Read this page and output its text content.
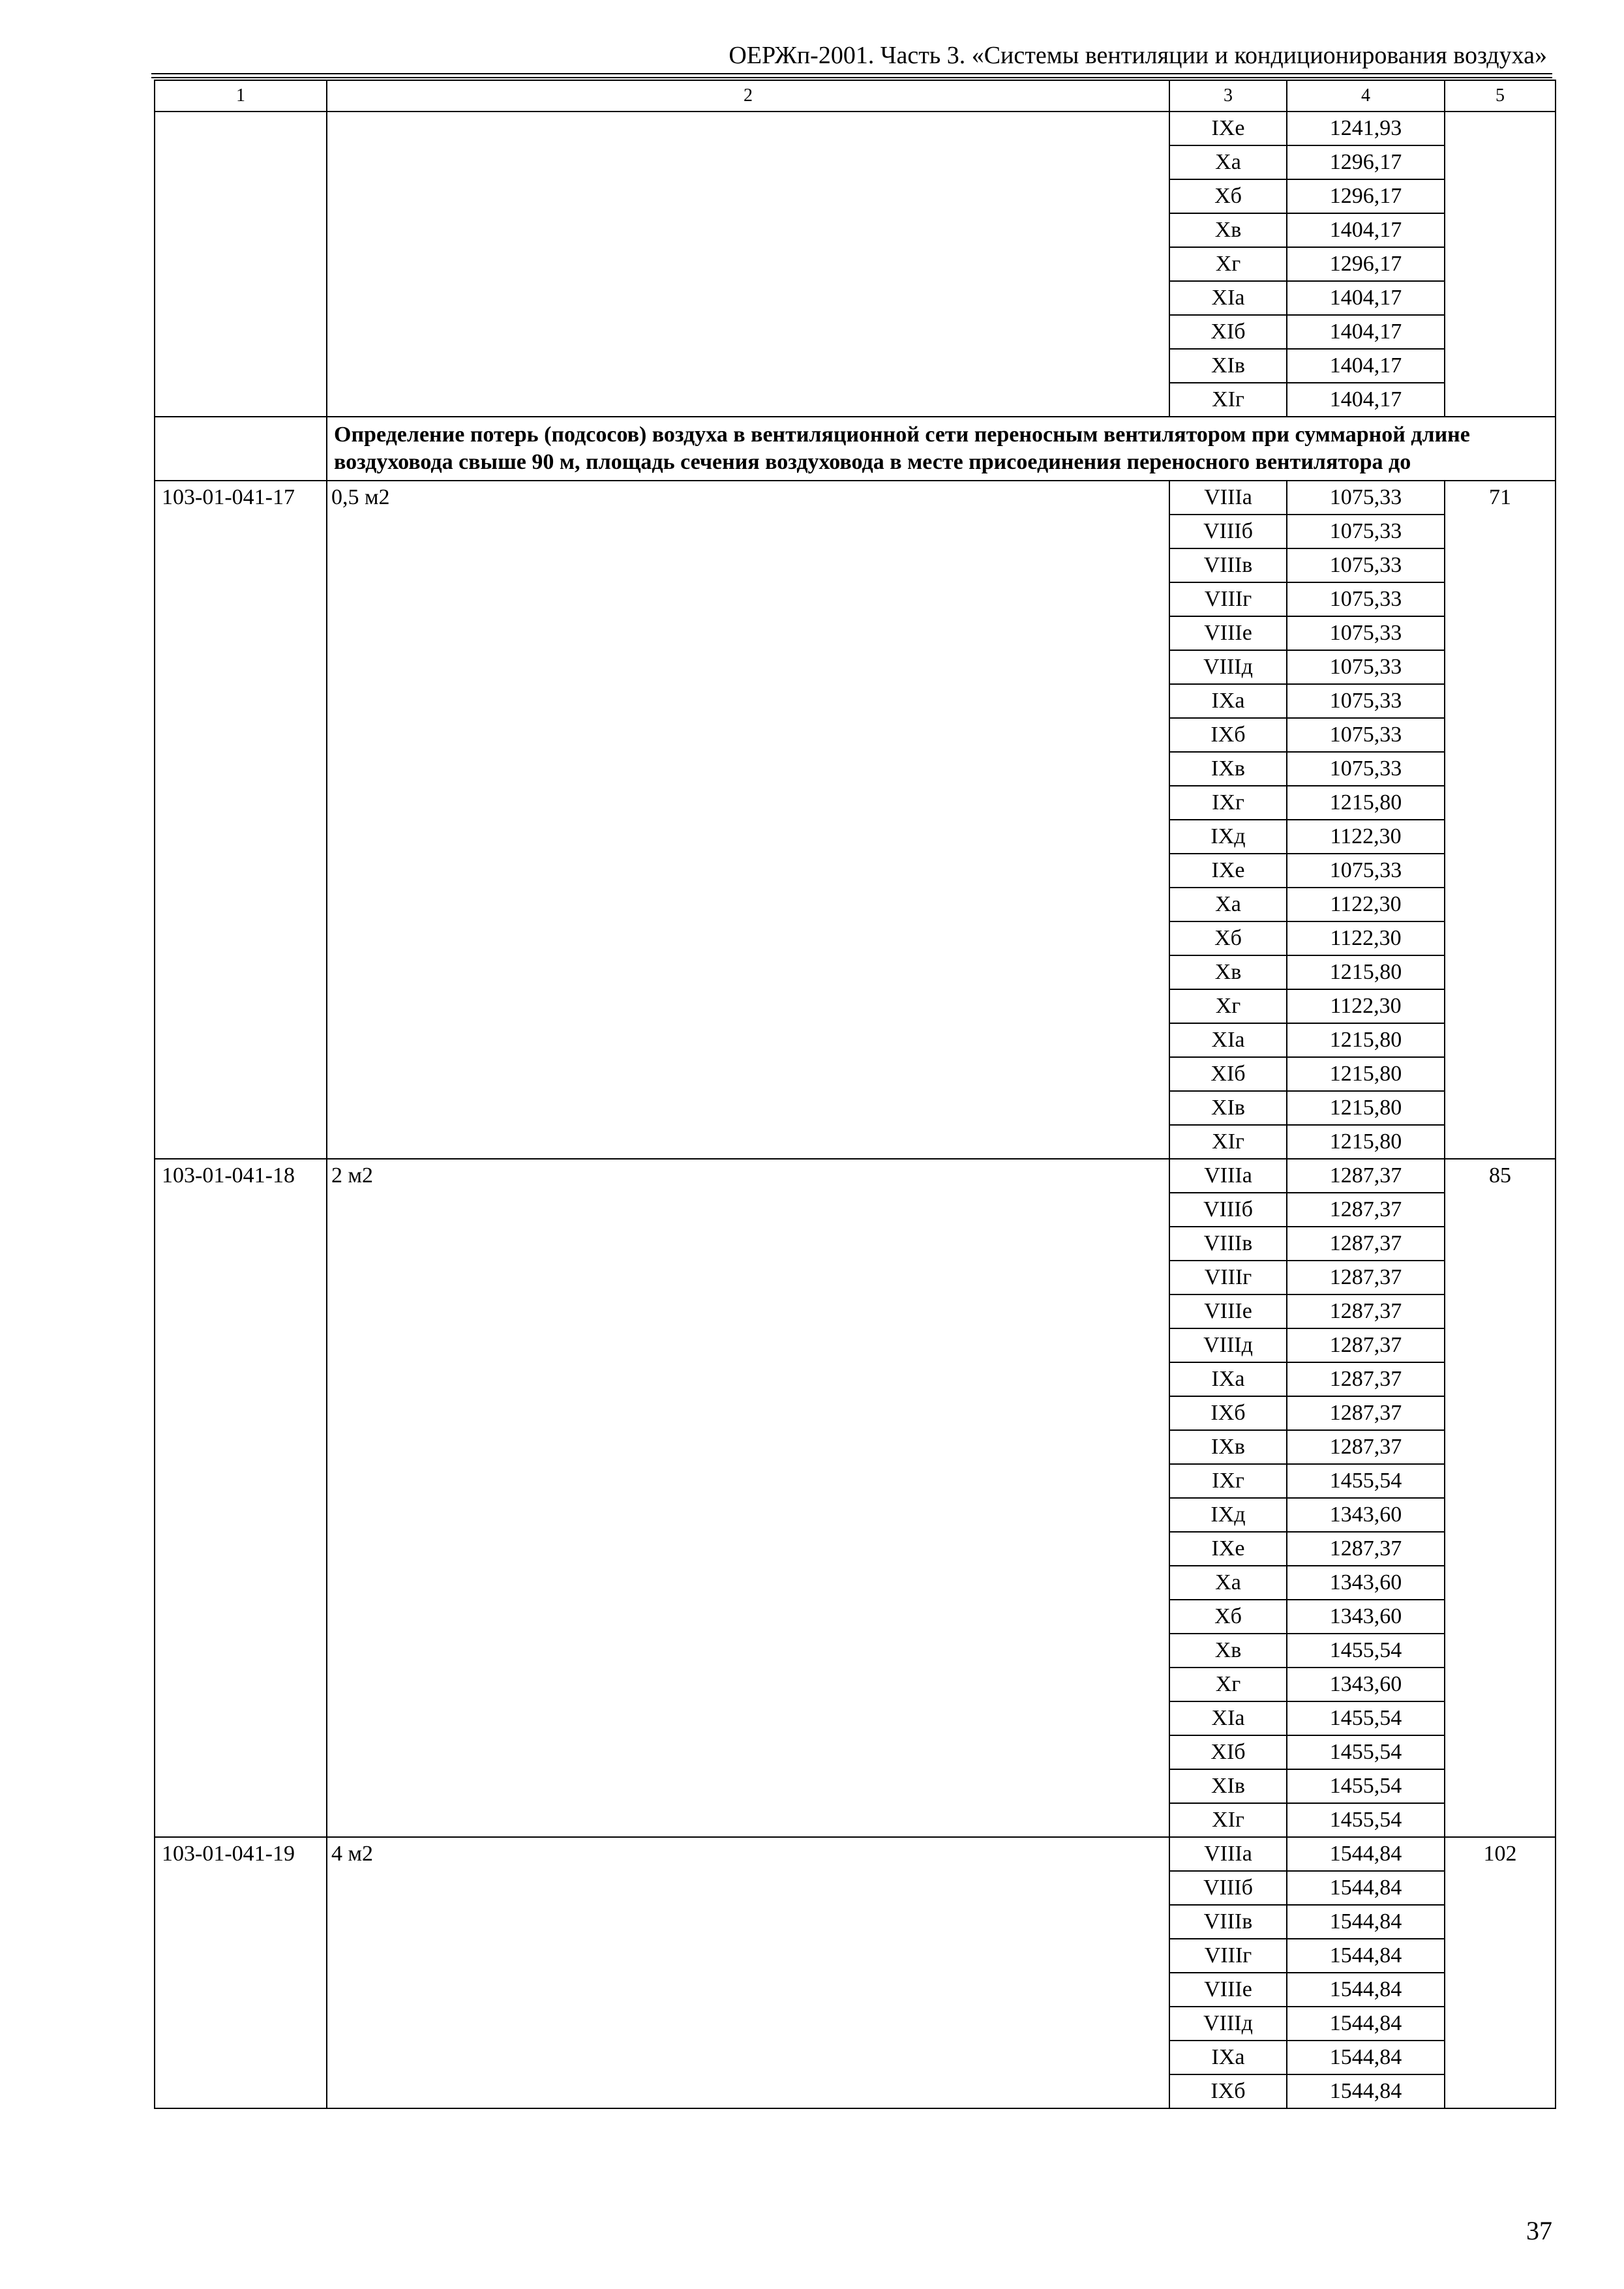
ОЕРЖп-2001. Часть 3. «Системы вентиляции и кондиционирования воздуха»
1	2	3	4	5
		IXе	1241,93	
		Xа	1296,17	
		Xб	1296,17	
		Xв	1404,17	
		Xг	1296,17	
		XIа	1404,17	
		XIб	1404,17	
		XIв	1404,17	
		XIг	1404,17	
	Определение потерь (подсосов) воздуха в вентиляционной сети переносным вентилятором при суммарной длине воздуховода свыше 90 м, площадь сечения воздуховода в месте присоединения переносного вентилятора до			
103-01-041-17	0,5 м2	VIIIа	1075,33	71
		VIIIб	1075,33	
		VIIIв	1075,33	
		VIIIг	1075,33	
		VIIIе	1075,33	
		VIIIд	1075,33	
		IXа	1075,33	
		IXб	1075,33	
		IXв	1075,33	
		IXг	1215,80	
		IXд	1122,30	
		IXе	1075,33	
		Xа	1122,30	
		Xб	1122,30	
		Xв	1215,80	
		Xг	1122,30	
		XIа	1215,80	
		XIб	1215,80	
		XIв	1215,80	
		XIг	1215,80	
103-01-041-18	2 м2	VIIIа	1287,37	85
		VIIIб	1287,37	
		VIIIв	1287,37	
		VIIIг	1287,37	
		VIIIе	1287,37	
		VIIIд	1287,37	
		IXа	1287,37	
		IXб	1287,37	
		IXв	1287,37	
		IXг	1455,54	
		IXд	1343,60	
		IXе	1287,37	
		Xа	1343,60	
		Xб	1343,60	
		Xв	1455,54	
		Xг	1343,60	
		XIа	1455,54	
		XIб	1455,54	
		XIв	1455,54	
		XIг	1455,54	
103-01-041-19	4 м2	VIIIа	1544,84	102
		VIIIб	1544,84	
		VIIIв	1544,84	
		VIIIг	1544,84	
		VIIIе	1544,84	
		VIIIд	1544,84	
		IXа	1544,84	
		IXб	1544,84	
37
